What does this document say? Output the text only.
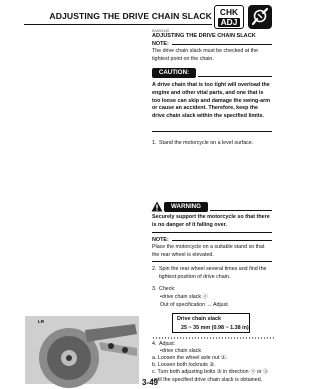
ADJUSTING THE DRIVE CHAIN SLACK CHK
ADJ
EAS00140
ADJUSTING THE DRIVE CHAIN SLACK
NOTE:
The drive chain slack must be checked at the tightest point on the chain.
CAUTION:
A drive chain that is too tight will overload the engine and other vital parts, and one that is too loose can skip and damage the swing-arm or cause an accident. Therefore, keep the drive chain slack within the specified limits.
1. Stand the motorcycle on a level surface.
WARNING
Securely support the motorcycle so that there is no danger of it falling over.
NOTE:
Place the motorcycle on a suitable stand so that the rear wheel is elevated.
2. Spin the rear wheel several times and find the tightest position of drive chain.
LR
3. Check:
•drive chain slack ⓐ
Out of specification → Adjust.
Drive chain slack
25 ~ 35 mm (0.98 ~ 1.38 in)
4. Adjust:
•drive chain slack
a. Loosen the wheel axle nut ①.
b. Loosen both locknuts ②.
c. Turn both adjusting bolts ③ in direction ⓐ or ⓑ until the specified drive chain slack is obtained.
3-49
